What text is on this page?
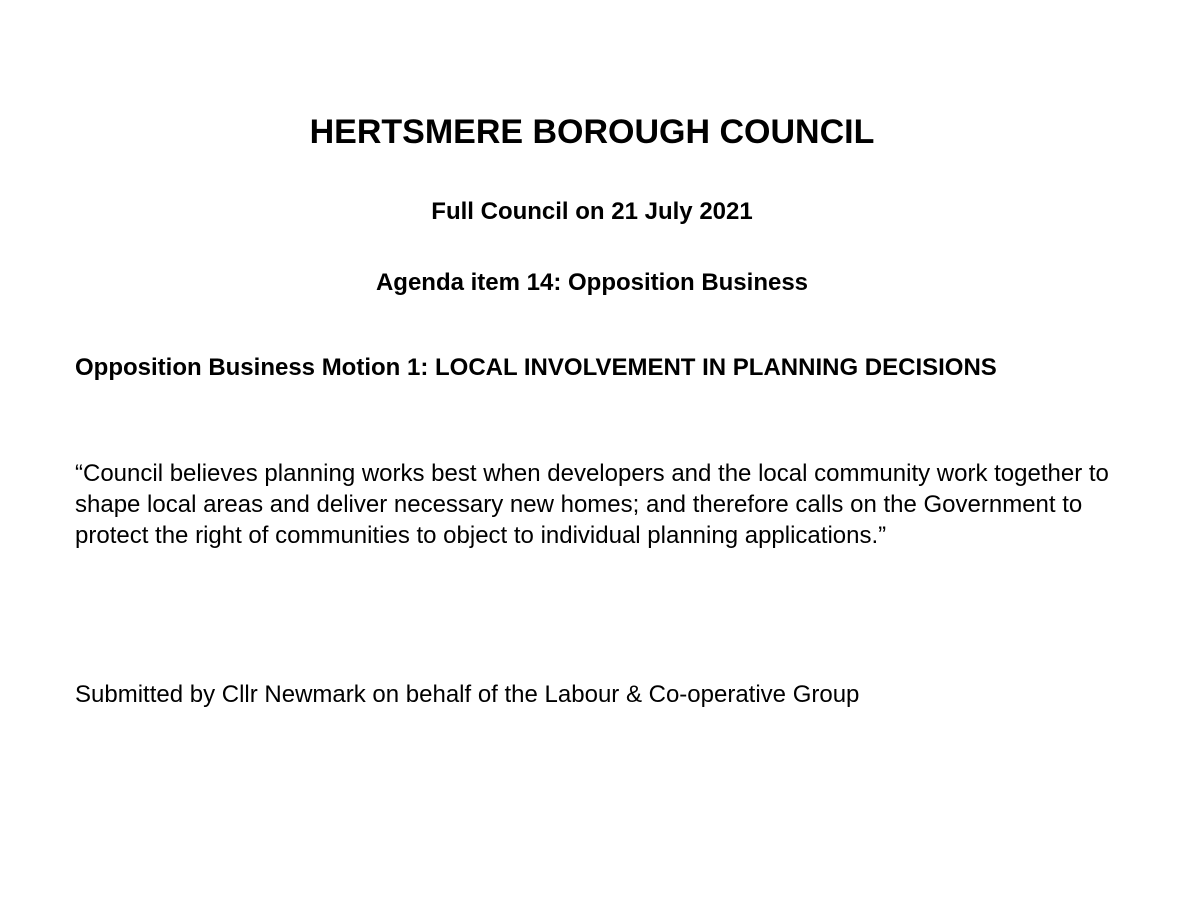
HERTSMERE BOROUGH COUNCIL
Full Council on 21 July 2021
Agenda item 14: Opposition Business
Opposition Business Motion 1: LOCAL INVOLVEMENT IN PLANNING DECISIONS

“Council believes planning works best when developers and the local community work together to shape local areas and deliver necessary new homes; and therefore calls on the Government to protect the right of communities to object to individual planning applications.”

Submitted by Cllr Newmark on behalf of the Labour & Co-operative Group
